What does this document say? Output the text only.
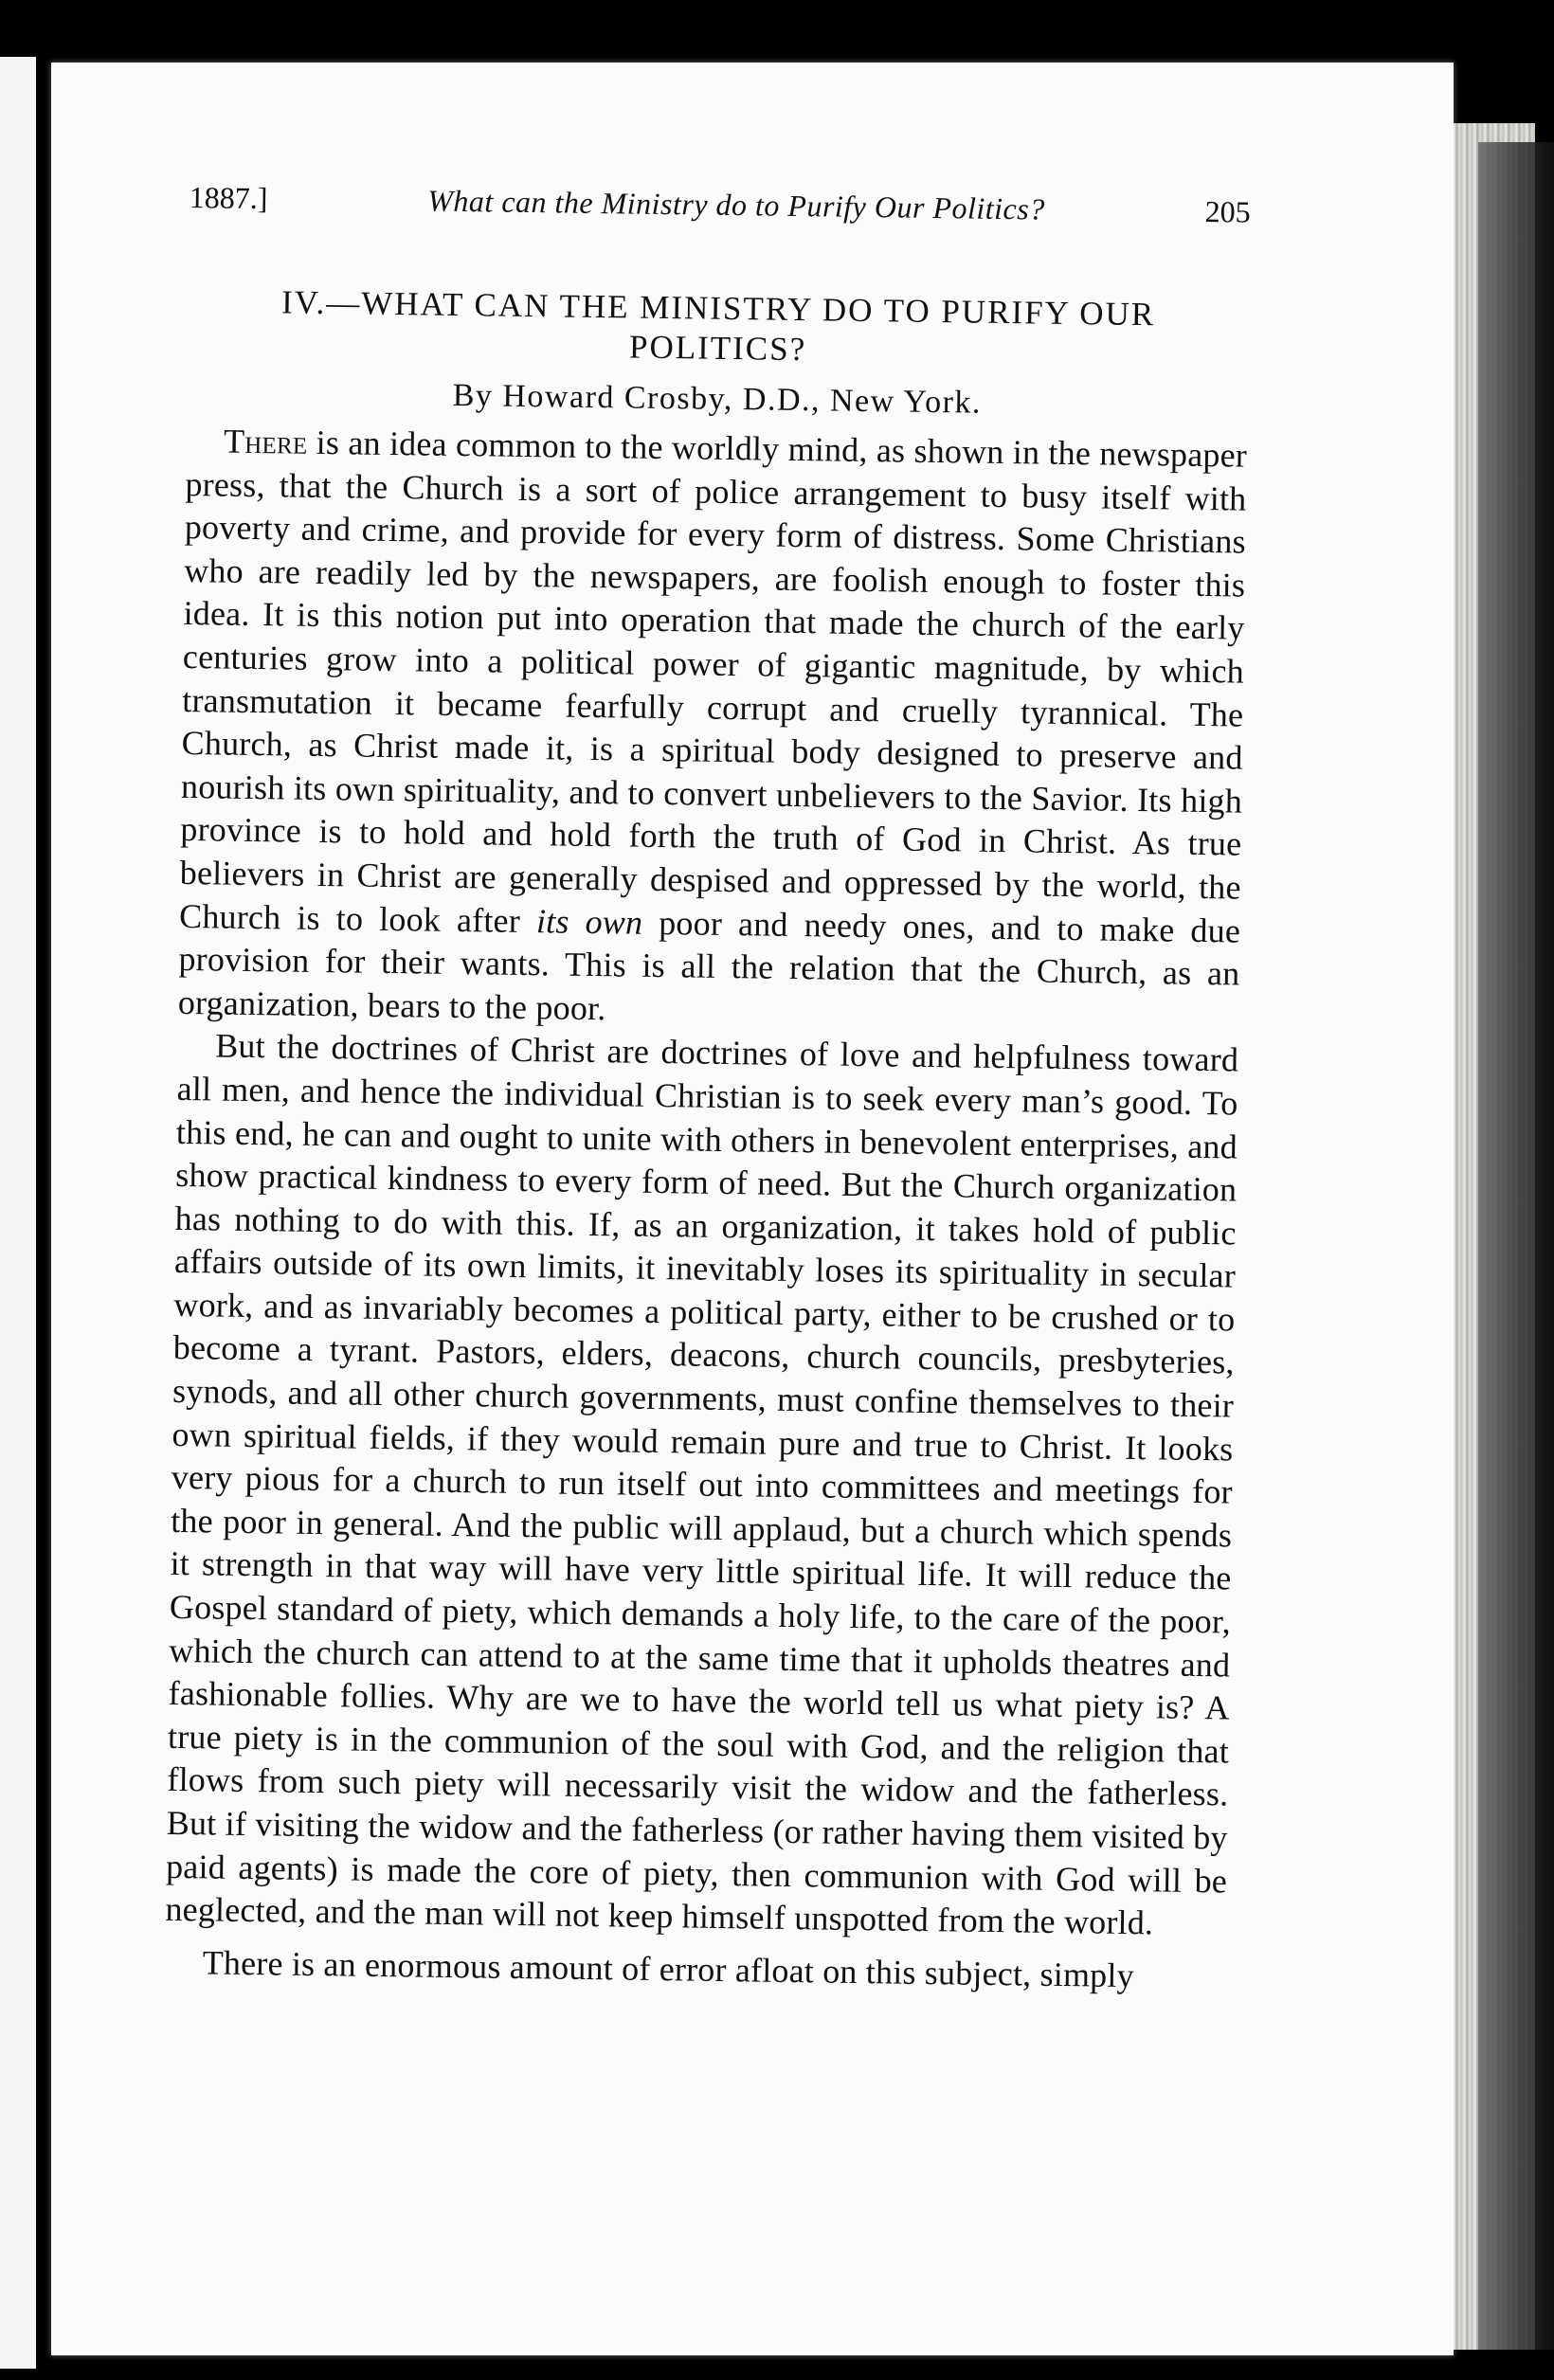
1887.]	What can the Ministry do to Purify Our Politics?	205
IV.—WHAT CAN THE MINISTRY DO TO PURIFY OUR POLITICS?
By Howard Crosby, D.D., New York.

There is an idea common to the worldly mind, as shown in the newspaper press, that the Church is a sort of police arrangement to busy itself with poverty and crime, and provide for every form of distress. Some Christians who are readily led by the newspapers, are foolish enough to foster this idea. It is this notion put into operation that made the church of the early centuries grow into a political power of gigantic magnitude, by which transmutation it became fearfully corrupt and cruelly tyrannical. The Church, as Christ made it, is a spiritual body designed to preserve and nourish its own spirituality, and to convert unbelievers to the Savior. Its high province is to hold and hold forth the truth of God in Christ. As true believers in Christ are generally despised and oppressed by the world, the Church is to look after its own poor and needy ones, and to make due provision for their wants. This is all the relation that the Church, as an organization, bears to the poor.

But the doctrines of Christ are doctrines of love and helpfulness toward all men, and hence the individual Christian is to seek every man’s good. To this end, he can and ought to unite with others in benevolent enterprises, and show practical kindness to every form of need. But the Church organization has nothing to do with this. If, as an organization, it takes hold of public affairs outside of its own limits, it inevitably loses its spirituality in secular work, and as invariably becomes a political party, either to be crushed or to become a tyrant. Pastors, elders, deacons, church councils, presbyteries, synods, and all other church governments, must confine themselves to their own spiritual fields, if they would remain pure and true to Christ. It looks very pious for a church to run itself out into committees and meetings for the poor in general. And the public will applaud, but a church which spends it strength in that way will have very little spiritual life. It will reduce the Gospel standard of piety, which demands a holy life, to the care of the poor, which the church can attend to at the same time that it upholds theatres and fashionable follies. Why are we to have the world tell us what piety is? A true piety is in the communion of the soul with God, and the religion that flows from such piety will necessarily visit the widow and the fatherless. But if visiting the widow and the fatherless (or rather having them visited by paid agents) is made the core of piety, then communion with God will be neglected, and the man will not keep himself unspotted from the world.

There is an enormous amount of error afloat on this subject, simply
